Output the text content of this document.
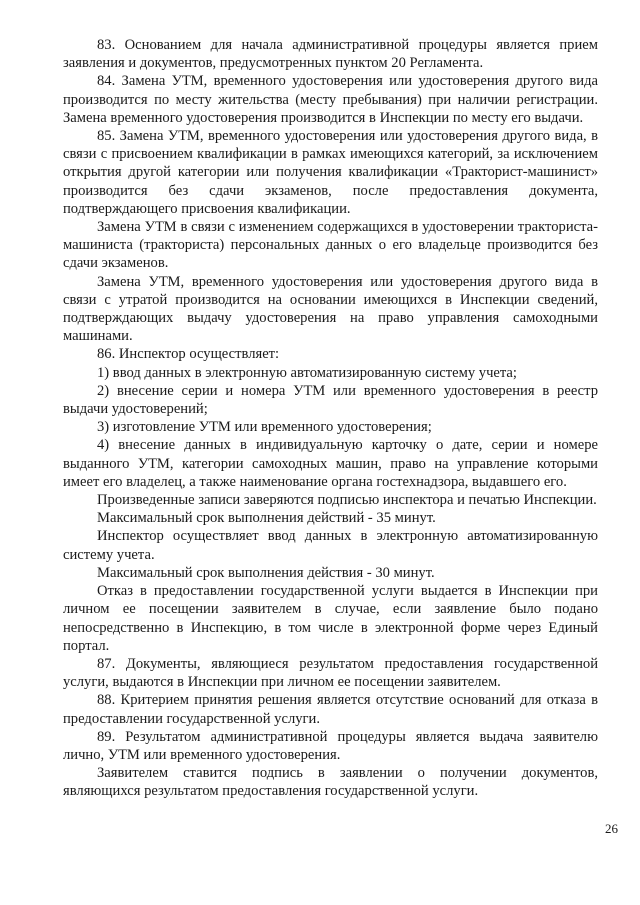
83. Основанием для начала административной процедуры является прием заявления и документов, предусмотренных пунктом 20 Регламента.

84. Замена УТМ, временного удостоверения или удостоверения другого вида производится по месту жительства (месту пребывания) при наличии регистрации. Замена временного удостоверения производится в Инспекции по месту его выдачи.

85. Замена УТМ, временного удостоверения или удостоверения другого вида, в связи с присвоением квалификации в рамках имеющихся категорий, за исключением открытия другой категории или получения квалификации «Тракторист-машинист» производится без сдачи экзаменов, после предоставления документа, подтверждающего присвоения квалификации.

Замена УТМ в связи с изменением содержащихся в удостоверении тракториста-машиниста (тракториста) персональных данных о его владельце производится без сдачи экзаменов.

Замена УТМ, временного удостоверения или удостоверения другого вида в связи с утратой производится на основании имеющихся в Инспекции сведений, подтверждающих выдачу удостоверения на право управления самоходными машинами.

86. Инспектор осуществляет:

1) ввод данных в электронную автоматизированную систему учета;

2) внесение серии и номера УТМ или временного удостоверения в реестр выдачи удостоверений;

3) изготовление УТМ или временного удостоверения;

4) внесение данных в индивидуальную карточку о дате, серии и номере выданного УТМ, категории самоходных машин, право на управление которыми имеет его владелец, а также наименование органа гостехнадзора, выдавшего его.

Произведенные записи заверяются подписью инспектора и печатью Инспекции.

Максимальный срок выполнения действий - 35 минут.

Инспектор осуществляет ввод данных в электронную автоматизированную систему учета.

Максимальный срок выполнения действия - 30 минут.

Отказ в предоставлении государственной услуги выдается в Инспекции при личном ее посещении заявителем в случае, если заявление было подано непосредственно в Инспекцию, в том числе в электронной форме через Единый портал.

87. Документы, являющиеся результатом предоставления государственной услуги, выдаются в Инспекции при личном ее посещении заявителем.

88. Критерием принятия решения является отсутствие оснований для отказа в предоставлении государственной услуги.

89. Результатом административной процедуры является выдача заявителю лично, УТМ или временного удостоверения.

Заявителем ставится подпись в заявлении о получении документов, являющихся результатом предоставления государственной услуги.

26
